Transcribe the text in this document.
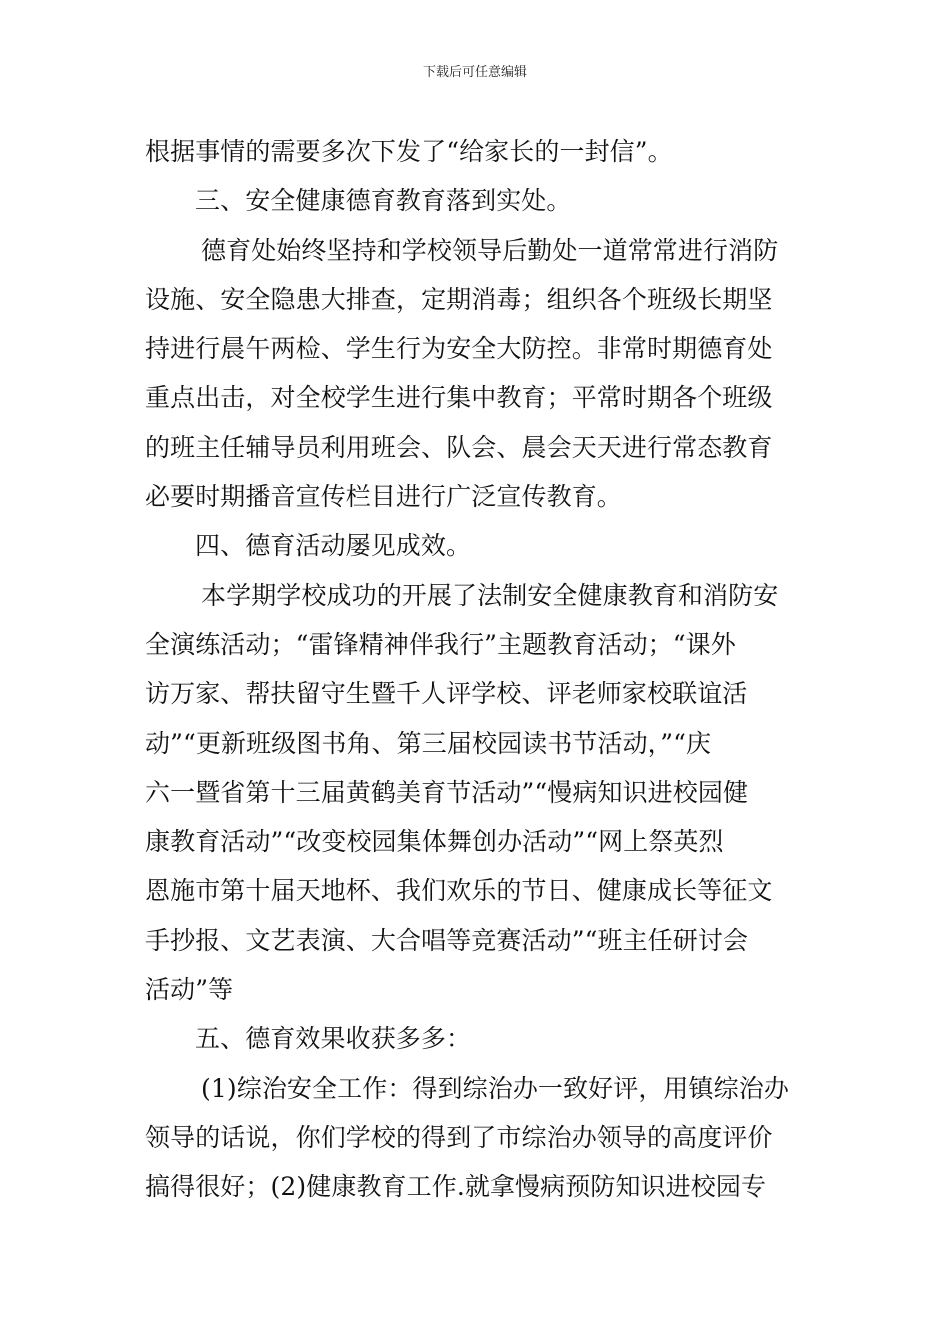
下载后可任意编辑
根据事情的需要多次下发了“给家长的一封信”。
三、安全健康德育教育落到实处。
德育处始终坚持和学校领导后勤处一道常常进行消防
设施、安全隐患大排查，定期消毒；组织各个班级长期坚
持进行晨午两检、学生行为安全大防控。非常时期德育处
重点出击，对全校学生进行集中教育；平常时期各个班级
的班主任辅导员利用班会、队会、晨会天天进行常态教育
必要时期播音宣传栏目进行广泛宣传教育。
四、德育活动屡见成效。
本学期学校成功的开展了法制安全健康教育和消防安
全演练活动；“雷锋精神伴我行”主题教育活动；“课外
访万家、帮扶留守生暨千人评学校、评老师家校联谊活
动”“更新班级图书角、第三届校园读书节活动，”“庆
六一暨省第十三届黄鹤美育节活动”“慢病知识进校园健
康教育活动”“改变校园集体舞创办活动”“网上祭英烈
恩施市第十届天地杯、我们欢乐的节日、健康成长等征文
手抄报、文艺表演、大合唱等竞赛活动”“班主任研讨会
活动”等
五、德育效果收获多多：
(1)综治安全工作：得到综治办一致好评，用镇综治办
领导的话说，你们学校的得到了市综治办领导的高度评价
搞得很好；(2)健康教育工作.就拿慢病预防知识进校园专
